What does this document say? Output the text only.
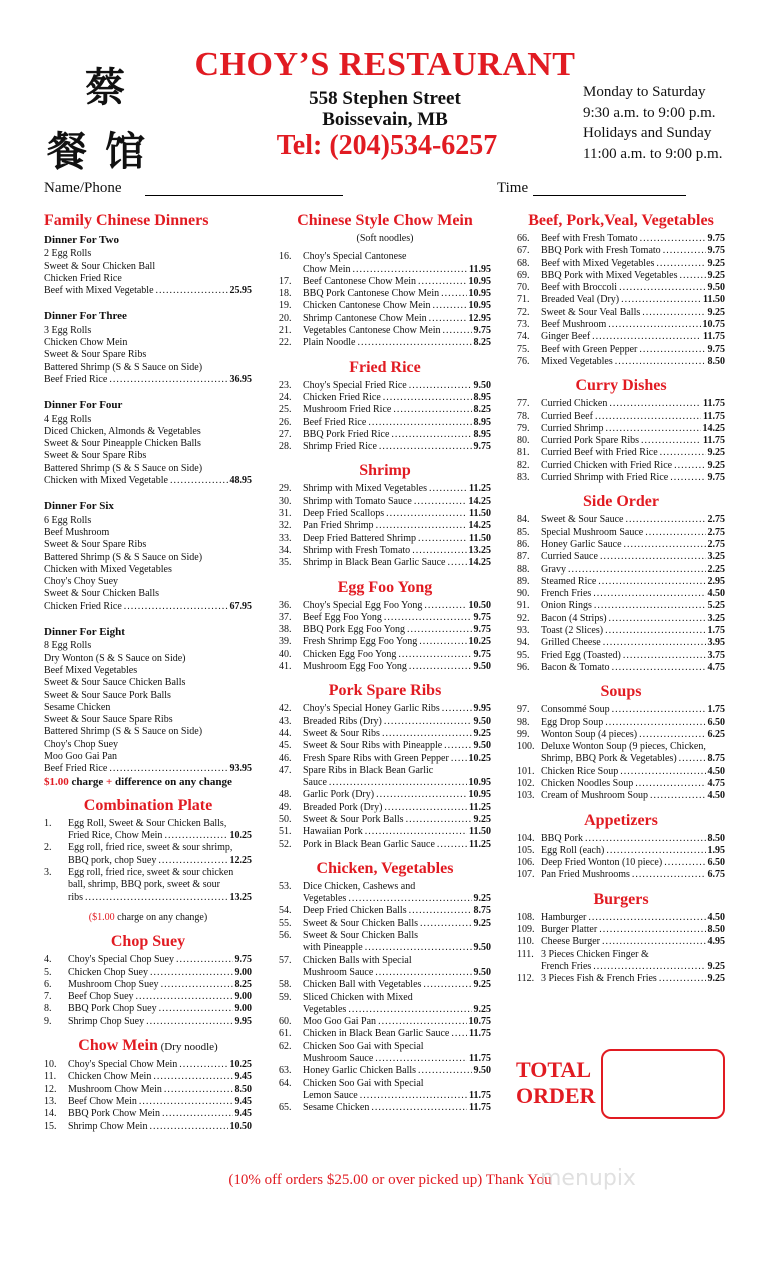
蔡
餐馆
CHOY’S RESTAURANT
558 Stephen Street
Boissevain, MB
Tel: (204)534-6257
Monday to Saturday
9:30 a.m. to 9:00 p.m.
Holidays and Sunday
11:00 a.m. to 9:00 p.m.
Name/Phone	Time
Family Chinese Dinners
Dinner For Two
2 Egg Rolls
Sweet & Sour Chicken Ball
Chicken Fried Rice
Beef with Mixed Vegetable .....	25.95
Dinner For Three
3 Egg Rolls
Chicken Chow Mein
Sweet & Sour Spare Ribs
Battered Shrimp (S & S Sauce on Side)
Beef Fried Rice .....	36.95
Dinner For Four
4 Egg Rolls
Diced Chicken, Almonds & Vegetables
Sweet & Sour Pineapple Chicken Balls
Sweet & Sour Spare Ribs
Battered Shrimp (S & S Sauce on Side)
Chicken with Mixed Vegetable .....	48.95
Dinner For Six
6 Egg Rolls
Beef Mushroom
Sweet & Sour Spare Ribs
Battered Shrimp (S & S Sauce on Side)
Chicken with Mixed Vegetables
Choy's Choy Suey
Sweet & Sour Chicken Balls
Chicken Fried Rice .....	67.95
Dinner For Eight
8 Egg Rolls
Dry Wonton (S & S Sauce on Side)
Beef Mixed Vegetables
Sweet & Sour Sauce Chicken Balls
Sweet & Sour Sauce Pork Balls
Sesame Chicken
Sweet & Sour Sauce Spare Ribs
Battered Shrimp (S & S Sauce on Side)
Choy's Chop Suey
Moo Goo Gai Pan
Beef Fried Rice .....	93.95
$1.00 charge + difference on any change
Combination Plate
1.	Egg Roll, Sweet & Sour Chicken Balls,
Fried Rice, Chow Mein .....	10.25
2.	Egg roll, fried rice, sweet & sour shrimp,
BBQ pork, chop Suey .....	12.25
3.	Egg roll, fried rice, sweet & sour chicken
ball, shrimp, BBQ pork, sweet & sour
ribs .....	13.25
($1.00 charge on any change)
Chop Suey
4.	Choy's Special Chop Suey .....	9.75
5.	Chicken Chop Suey .....	9.00
6.	Mushroom Chop Suey .....	8.25
7.	Beef Chop Suey .....	9.00
8.	BBQ Pork Chop Suey .....	9.00
9.	Shrimp Chop Suey .....	9.95
Chow Mein (Dry noodle)
10.	Choy's Special Chow Mein .....	10.25
11.	Chicken Chow Mein .....	9.45
12.	Mushroom Chow Mein .....	8.50
13.	Beef Chow Mein .....	9.45
14.	BBQ Pork Chow Mein .....	9.45
15.	Shrimp Chow Mein .....	10.50
Chinese Style Chow Mein
(Soft noodles)
16.	Choy's Special Cantonese
Chow Mein .....	11.95
17.	Beef Cantonese Chow Mein .....	10.95
18.	BBQ Pork Cantonese Chow Mein .....	10.95
19.	Chicken Cantonese Chow Mein .....	10.95
20.	Shrimp Cantonese Chow Mein .....	12.95
21.	Vegetables Cantonese Chow Mein .....	9.75
22.	Plain Noodle .....	8.25
Fried Rice
23.	Choy's Special Fried Rice .....	9.50
24.	Chicken Fried Rice .....	8.95
25.	Mushroom Fried Rice .....	8.25
26.	Beef Fried Rice .....	8.95
27.	BBQ Pork Fried Rice .....	8.95
28.	Shrimp Fried Rice .....	9.75
Shrimp
29.	Shrimp with Mixed Vegetables .....	11.25
30.	Shrimp with Tomato Sauce .....	14.25
31.	Deep Fried Scallops .....	11.50
32.	Pan Fried Shrimp .....	14.25
33.	Deep Fried Battered Shrimp .....	11.50
34.	Shrimp with Fresh Tomato .....	13.25
35.	Shrimp in Black Bean Garlic Sauce .....	14.25
Egg Foo Yong
36.	Choy's Special Egg Foo Yong .....	10.50
37.	Beef Egg Foo Yong .....	9.75
38.	BBQ Pork Egg Foo Yong .....	9.75
39.	Fresh Shrimp Egg Foo Yong .....	10.25
40.	Chicken Egg Foo Yong .....	9.75
41.	Mushroom Egg Foo Yong .....	9.50
Pork Spare Ribs
42.	Choy's Special Honey Garlic Ribs .....	9.95
43.	Breaded Ribs (Dry) .....	9.50
44.	Sweet & Sour Ribs .....	9.25
45.	Sweet & Sour Ribs with Pineapple .....	9.50
46.	Fresh Spare Ribs with Green Pepper .....	10.25
47.	Spare Ribs in Black Bean Garlic
Sauce .....	10.95
48.	Garlic Pork (Dry) .....	10.95
49.	Breaded Pork (Dry) .....	11.25
50.	Sweet & Sour Pork Balls .....	9.25
51.	Hawaiian Pork .....	11.50
52.	Pork in Black Bean Garlic Sauce .....	11.25
Chicken, Vegetables
53.	Dice Chicken, Cashews and
Vegetables .....	9.25
54.	Deep Fried Chicken Balls .....	8.75
55.	Sweet & Sour Chicken Balls .....	9.25
56.	Sweet & Sour Chicken Balls
with Pineapple .....	9.50
57.	Chicken Balls with Special
Mushroom Sauce .....	9.50
58.	Chicken Ball with Vegetables .....	9.25
59.	Sliced Chicken with Mixed
Vegetables .....	9.25
60.	Moo Goo Gai Pan .....	10.75
61.	Chicken in Black Bean Garlic Sauce .....	11.75
62.	Chicken Soo Gai with Special
Mushroom Sauce .....	11.75
63.	Honey Garlic Chicken Balls .....	9.50
64.	Chicken Soo Gai with Special
Lemon Sauce .....	11.75
65.	Sesame Chicken .....	11.75
Beef, Pork,Veal, Vegetables
66.	Beef with Fresh Tomato .....	9.75
67.	BBQ Pork with Fresh Tomato .....	9.75
68.	Beef with Mixed Vegetables .....	9.25
69.	BBQ Pork with Mixed Vegetables .....	9.25
70.	Beef with Broccoli .....	9.50
71.	Breaded Veal (Dry) .....	11.50
72.	Sweet & Sour Veal Balls .....	9.25
73.	Beef Mushroom .....	10.75
74.	Ginger Beef .....	11.75
75.	Beef with Green Pepper .....	9.75
76.	Mixed Vegetables .....	8.50
Curry Dishes
77.	Curried Chicken .....	11.75
78.	Curried Beef .....	11.75
79.	Curried Shrimp .....	14.25
80.	Curried Pork Spare Ribs .....	11.75
81.	Curried Beef with Fried Rice .....	9.25
82.	Curried Chicken with Fried Rice .....	9.25
83.	Curried Shrimp with Fried Rice .....	9.75
Side Order
84.	Sweet & Sour Sauce .....	2.75
85.	Special Mushroom Sauce .....	2.75
86.	Honey Garlic Sauce .....	2.75
87.	Curried Sauce .....	3.25
88.	Gravy .....	2.25
89.	Steamed Rice .....	2.95
90.	French Fries .....	4.50
91.	Onion Rings .....	5.25
92.	Bacon (4 Strips) .....	3.25
93.	Toast (2 Slices) .....	1.75
94.	Grilled Cheese .....	3.95
95.	Fried Egg (Toasted) .....	3.75
96.	Bacon & Tomato .....	4.75
Soups
97.	Consommé Soup .....	1.75
98.	Egg Drop Soup .....	6.50
99.	Wonton Soup (4 pieces) .....	6.25
100. Deluxe Wonton Soup (9 pieces, Chicken,
Shrimp, BBQ Pork & Vegetables) .....	8.75
101. Chicken Rice Soup .....	4.50
102. Chicken Noodles Soup .....	4.75
103. Cream of Mushroom Soup .....	4.50
Appetizers
104. BBQ Pork .....	8.50
105. Egg Roll (each) .....	1.95
106. Deep Fried Wonton (10 piece) .....	6.50
107. Pan Fried Mushrooms .....	6.75
Burgers
108. Hamburger .....	4.50
109. Burger Platter .....	8.50
110. Cheese Burger .....	4.95
111. 3 Pieces Chicken Finger &
French Fries .....	9.25
112. 3 Pieces Fish & French Fries .....	9.25
TOTAL
ORDER
(10% off orders $25.00 or over picked up) Thank You
menupix
